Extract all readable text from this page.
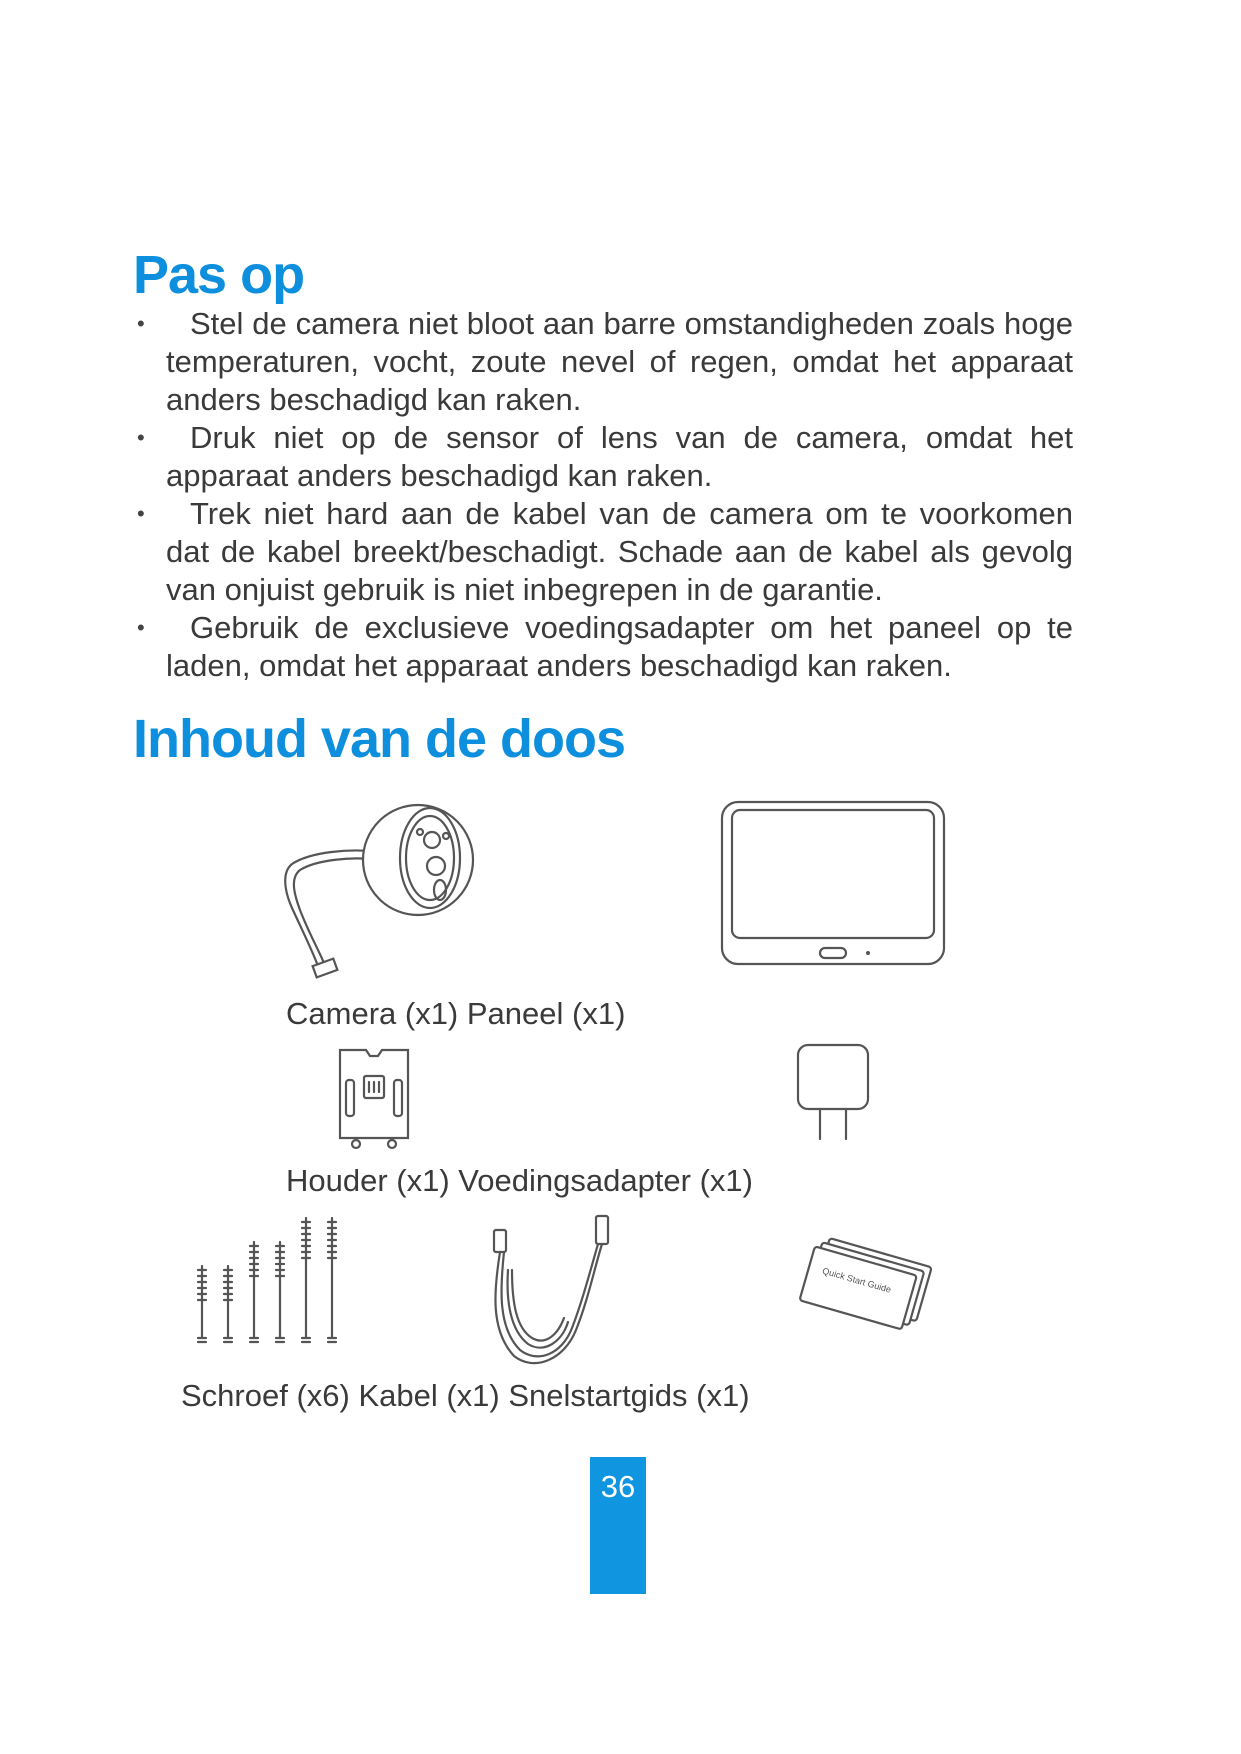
Pas op
•	Stel de camera niet bloot aan barre omstandigheden zoals hoge temperaturen, vocht, zoute nevel of regen, omdat het apparaat anders beschadigd kan raken.
•	Druk niet op de sensor of lens van de camera, omdat het apparaat anders beschadigd kan raken.
•	Trek niet hard aan de kabel van de camera om te voorkomen dat de kabel breekt/beschadigt. Schade aan de kabel als gevolg van onjuist gebruik is niet inbegrepen in de garantie.
•	Gebruik de exclusieve voedingsadapter om het paneel op te laden, omdat het apparaat anders beschadigd kan raken.
Inhoud van de doos
Camera (x1) Paneel (x1)
Houder (x1) Voedingsadapter (x1)
Quick Start Guide
Schroef (x6) Kabel (x1) Snelstartgids (x1)
36
